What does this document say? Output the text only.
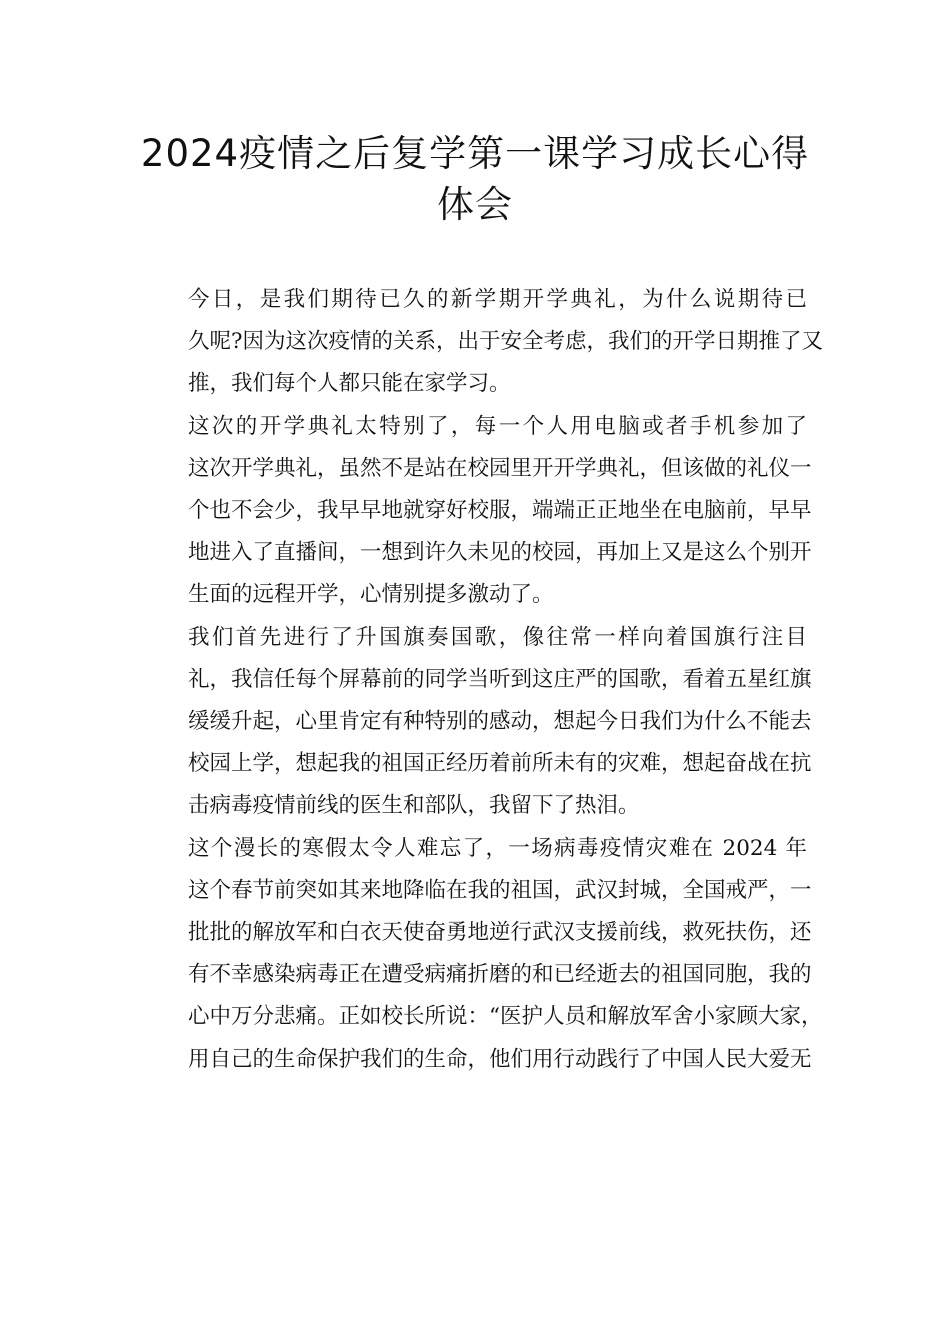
2024疫情之后复学第一课学习成长心得
体会
今日，是我们期待已久的新学期开学典礼，为什么说期待已
久呢?因为这次疫情的关系，出于安全考虑，我们的开学日期推了又
推，我们每个人都只能在家学习。
这次的开学典礼太特别了，每一个人用电脑或者手机参加了
这次开学典礼，虽然不是站在校园里开开学典礼，但该做的礼仪一
个也不会少，我早早地就穿好校服，端端正正地坐在电脑前，早早
地进入了直播间，一想到许久未见的校园，再加上又是这么个别开
生面的远程开学，心情别提多激动了。
我们首先进行了升国旗奏国歌，像往常一样向着国旗行注目
礼，我信任每个屏幕前的同学当听到这庄严的国歌，看着五星红旗
缓缓升起，心里肯定有种特别的感动，想起今日我们为什么不能去
校园上学，想起我的祖国正经历着前所未有的灾难，想起奋战在抗
击病毒疫情前线的医生和部队，我留下了热泪。
这个漫长的寒假太令人难忘了，一场病毒疫情灾难在 2024 年
这个春节前突如其来地降临在我的祖国，武汉封城，全国戒严，一
批批的解放军和白衣天使奋勇地逆行武汉支援前线，救死扶伤，还
有不幸感染病毒正在遭受病痛折磨的和已经逝去的祖国同胞，我的
心中万分悲痛。正如校长所说：“医护人员和解放军舍小家顾大家，
用自己的生命保护我们的生命，他们用行动践行了中国人民大爱无
